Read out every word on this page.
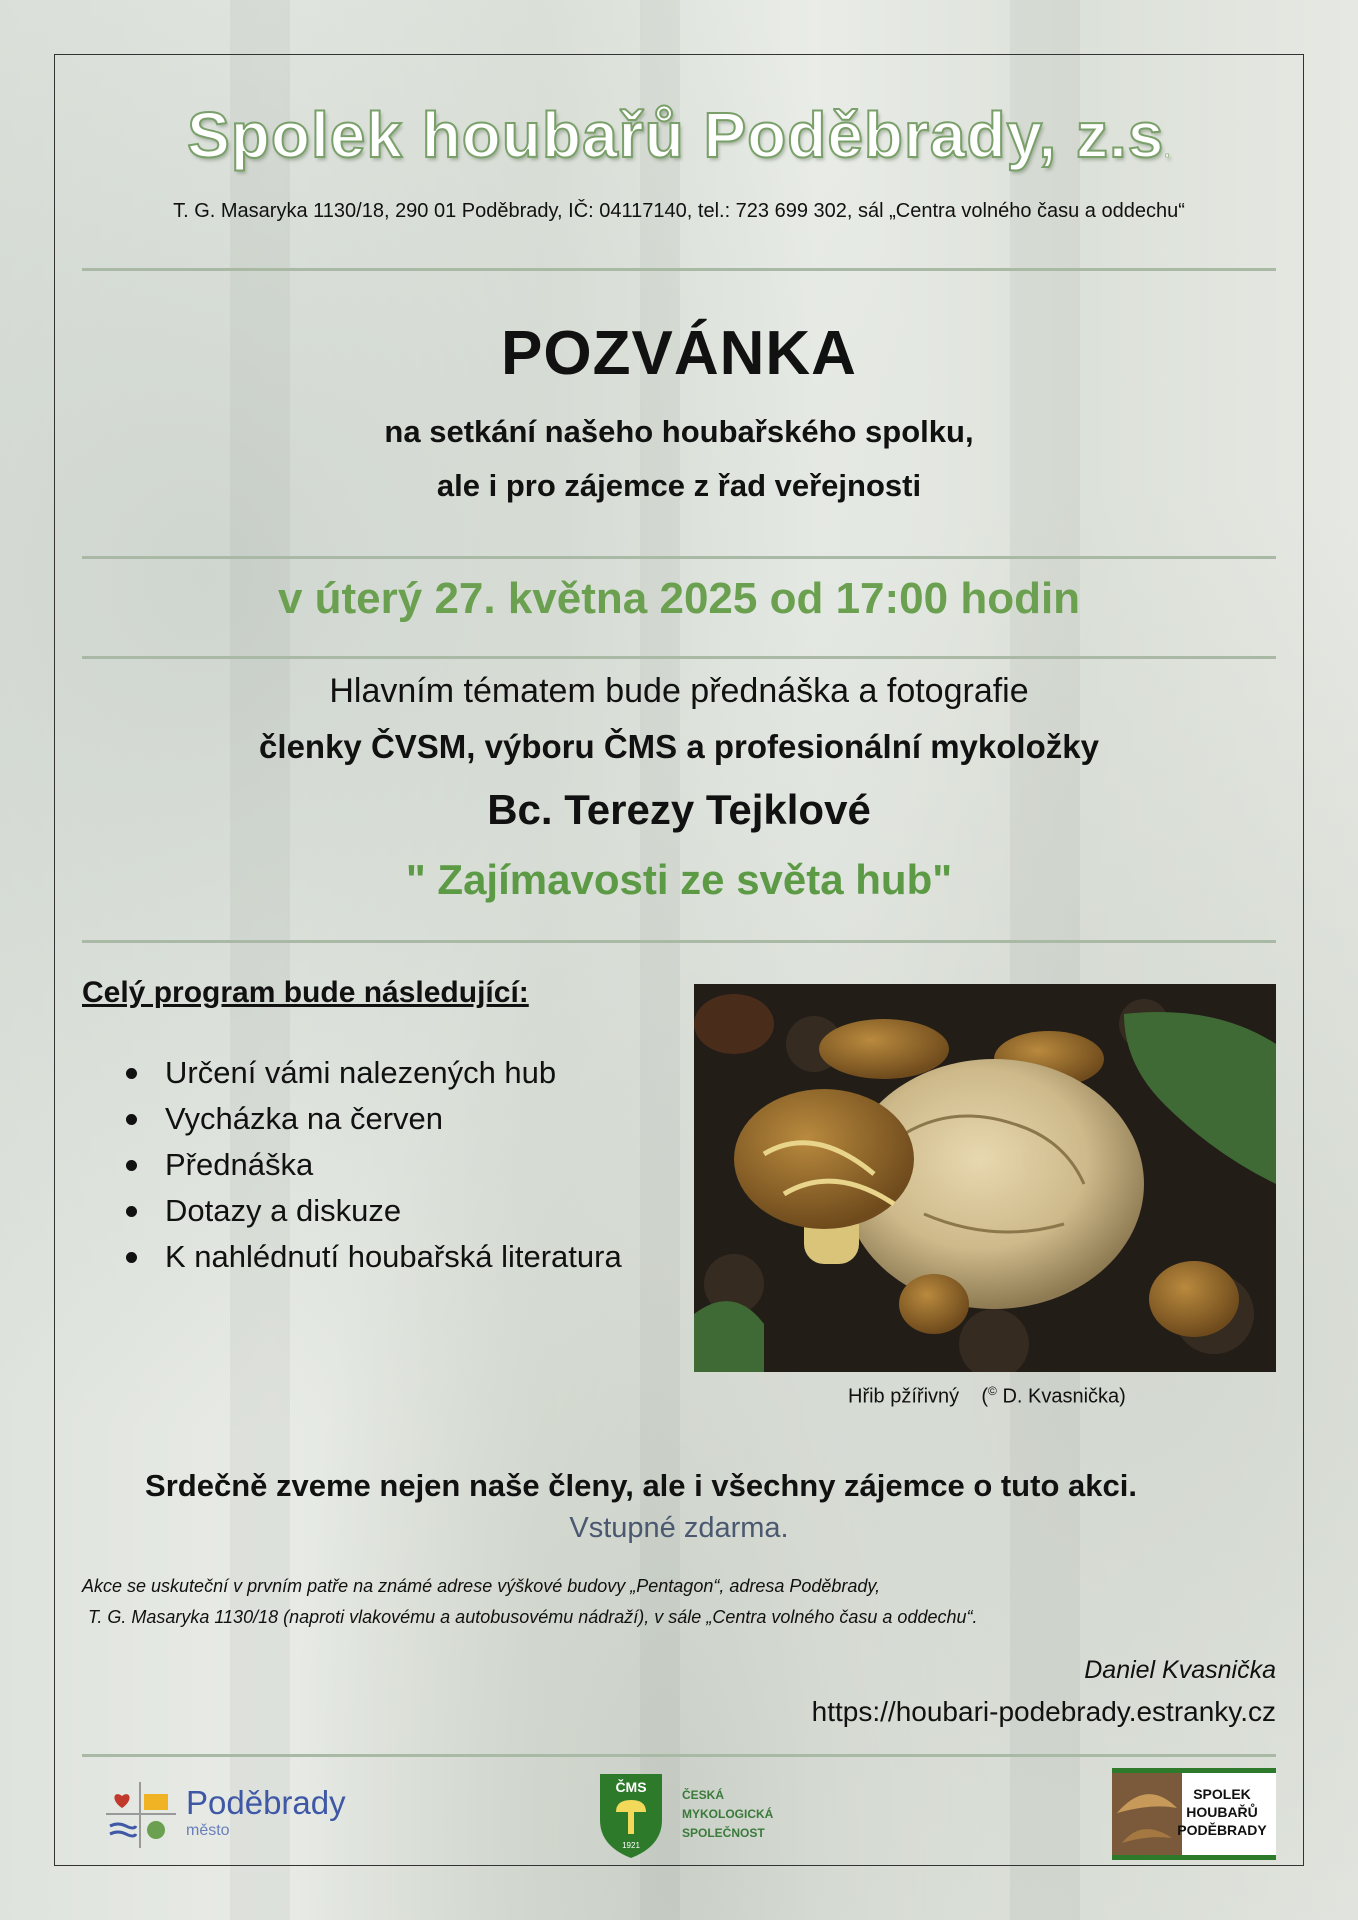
Spolek houbařů Poděbrady, z.s.
T. G. Masaryka 1130/18, 290 01 Poděbrady, IČ: 04117140, tel.: 723 699 302, sál „Centra volného času a oddechu“
POZVÁNKA
na setkání našeho houbařského spolku,
ale i pro zájemce z řad veřejnosti
v úterý 27. května 2025 od 17:00 hodin
Hlavním tématem bude přednáška a fotografie
členky ČVSM, výboru ČMS a profesionální mykoložky
Bc. Terezy Tejklové
" Zajímavosti ze světa hub"
Celý program bude následující:
Určení vámi nalezených hub
Vycházka na červen
Přednáška
Dotazy a diskuze
K nahlédnutí houbařská literatura
Hřib pžířivný (© D. Kvasnička)
Srdečně zveme nejen naše členy, ale i všechny zájemce o tuto akci.
Vstupné zdarma.
Akce se uskuteční v prvním patře na známé adrese výškové budovy „Pentagon“, adresa Poděbrady,
T. G. Masaryka 1130/18 (naproti vlakovému a autobusovému nádraží), v sále „Centra volného času a oddechu“.
Daniel Kvasnička
https://houbari-podebrady.estranky.cz
Poděbrady
město
ČMS
1921
ČESKÁ
MYKOLOGICKÁ
SPOLEČNOST
SPOLEK
HOUBAŘŮ
PODĚBRADY
